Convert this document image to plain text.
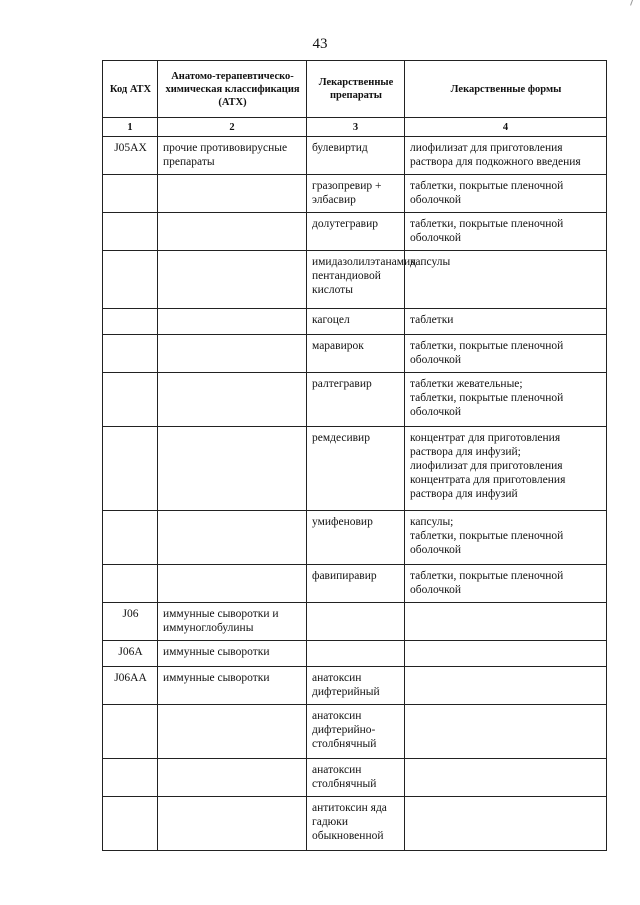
43
Код АТХ	Анатомо-терапевтическо-химическая классификация (АТХ)	Лекарственные препараты	Лекарственные формы
1	2	3	4
J05AX	прочие противовирусные препараты	булевиртид	лиофилизат для приготовления раствора для подкожного введения
		гразопревир + элбасвир	таблетки, покрытые пленочной оболочкой
		долутегравир	таблетки, покрытые пленочной оболочкой
		имидазолилэтанамид пентандиовой кислоты	капсулы
		кагоцел	таблетки
		маравирок	таблетки, покрытые пленочной оболочкой
		ралтегравир	таблетки жевательные;
таблетки, покрытые пленочной оболочкой
		ремдесивир	концентрат для приготовления раствора для инфузий;
лиофилизат для приготовления концентрата для приготовления раствора для инфузий
		умифеновир	капсулы;
таблетки, покрытые пленочной оболочкой
		фавипиравир	таблетки, покрытые пленочной оболочкой
J06	иммунные сыворотки и иммуноглобулины		
J06A	иммунные сыворотки		
J06AA	иммунные сыворотки	анатоксин дифтерийный	
		анатоксин дифтерийно-столбнячный	
		анатоксин столбнячный	
		антитоксин яда гадюки обыкновенной	
